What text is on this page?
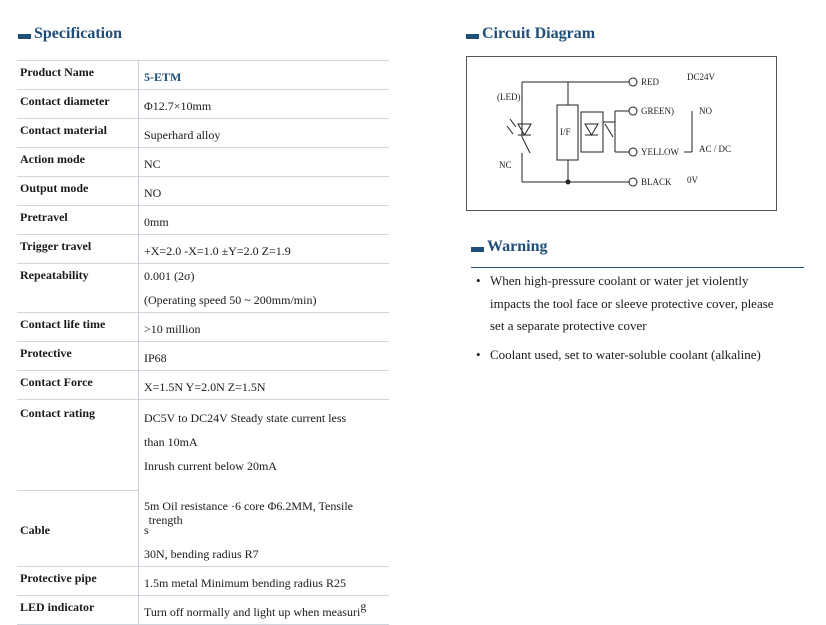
Specification
Product Name	5-ETM
Contact diameter	Φ12.7×10mm
Contact material	Superhard alloy
Action mode	NC
Output mode	NO
Pretravel	0mm
Trigger travel	+X=2.0 -X=1.0 ±Y=2.0 Z=1.9
Repeatability	0.001 (2σ)
(Operating speed 50 ~ 200mm/min)

Contact life time	>10 million
Protective	IP68
Contact Force	X=1.5N Y=2.0N Z=1.5N
Contact rating	DC5V to DC24V Steady state current less
than 10mA
Inrush current below 20mA

Cable	5m Oil resistance ·6 core Φ6.2MM, Tensile strength
30N, bending radius R7

Protective pipe	1.5m metal Minimum bending radius R25
LED indicator	Turn off normally and light up when measurig
Circuit Diagram
RED	DC24V
(LED)
GREEN)	NO
I/F
NC
YELLOW AC / DC
BLACK 0V
Warning
• When high-pressure coolant or water jet violently impacts the tool face or sleeve protective cover, please set a separate protective cover
• Coolant used, set to water-soluble coolant (alkaline)
